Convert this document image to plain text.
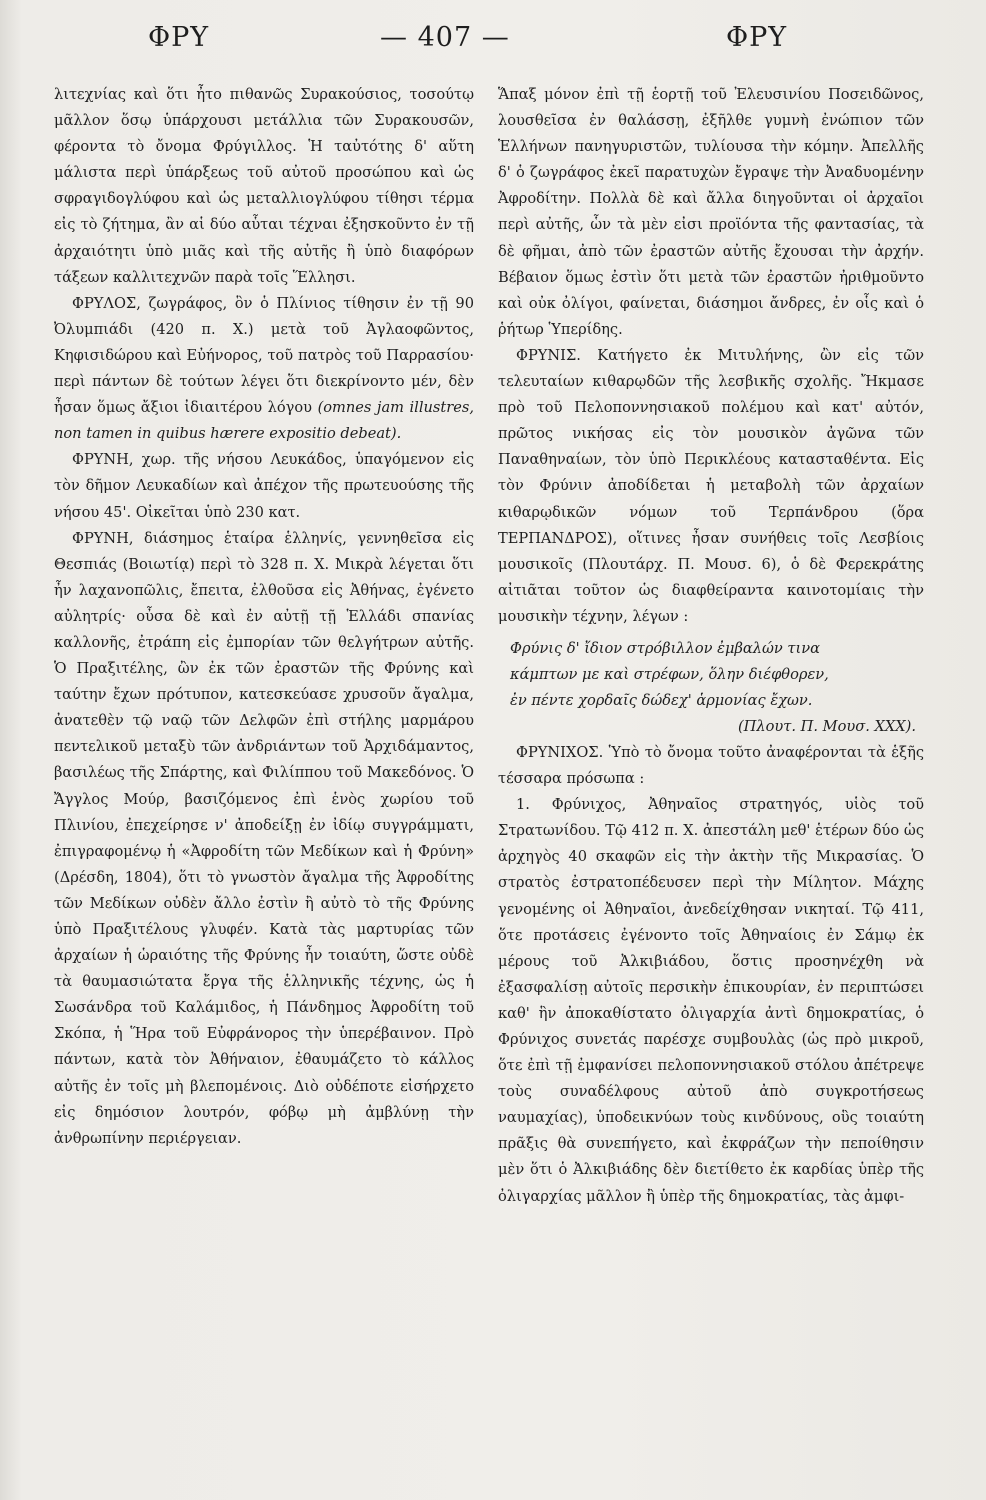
ΦΡΥ	— 407 —	ΦΡΥ

λιτεχνίας καὶ ὅτι ἦτο πιθανῶς Συρακούσιος, τοσούτῳ μᾶλλον ὅσῳ ὑπάρχουσι μετάλλια τῶν Συρακουσῶν, φέροντα τὸ ὄνομα Φρύγιλλος. Ἡ ταὐτότης δ' αὕτη μάλιστα περὶ ὑπάρξεως τοῦ αὐτοῦ προσώπου καὶ ὡς σφραγιδογλύφου καὶ ὡς μεταλλιογλύφου τίθησι τέρμα εἰς τὸ ζήτημα, ἂν αἱ δύο αὗται τέχναι ἐξησκοῦντο ἐν τῇ ἀρχαιότητι ὑπὸ μιᾶς καὶ τῆς αὐτῆς ἢ ὑπὸ διαφόρων τάξεων καλλιτεχνῶν παρὰ τοῖς Ἕλλησι.

ΦΡΥΛΟΣ, ζωγράφος, ὃν ὁ Πλίνιος τίθησιν ἐν τῇ 90 Ὀλυμπιάδι (420 π. Χ.) μετὰ τοῦ Ἀγλαοφῶντος, Κηφισιδώρου καὶ Εὐήνορος, τοῦ πατρὸς τοῦ Παρρασίου· περὶ πάντων δὲ τούτων λέγει ὅτι διεκρίνοντο μέν, δὲν ἦσαν ὅμως ἄξιοι ἰδιαιτέρου λόγου (omnes jam illustres, non tamen in quibus hærere expositio debeat).

ΦΡΥΝΗ, χωρ. τῆς νήσου Λευκάδος, ὑπαγόμενον εἰς τὸν δῆμον Λευκαδίων καὶ ἀπέχον τῆς πρωτευούσης τῆς νήσου 45'. Οἰκεῖται ὑπὸ 230 κατ.

ΦΡΥΝΗ, διάσημος ἑταίρα ἑλληνίς, γεννηθεῖσα εἰς Θεσπιάς (Βοιωτίᾳ) περὶ τὸ 328 π. Χ. Μικρὰ λέγεται ὅτι ἦν λαχανοπῶλις, ἔπειτα, ἐλθοῦσα εἰς Ἀθήνας, ἐγένετο αὐλητρίς· οὖσα δὲ καὶ ἐν αὐτῇ τῇ Ἑλλάδι σπανίας καλλονῆς, ἐτράπη εἰς ἐμπορίαν τῶν θελγήτρων αὐτῆς. Ὁ Πραξιτέλης, ὢν ἐκ τῶν ἐραστῶν τῆς Φρύνης καὶ ταύτην ἔχων πρότυπον, κατεσκεύασε χρυσοῦν ἄγαλμα, ἀνατεθὲν τῷ ναῷ τῶν Δελφῶν ἐπὶ στήλης μαρμάρου πεντελικοῦ μεταξὺ τῶν ἀνδριάντων τοῦ Ἀρχιδάμαντος, βασιλέως τῆς Σπάρτης, καὶ Φιλίππου τοῦ Μακεδόνος. Ὁ Ἄγγλος Μούρ, βασιζόμενος ἐπὶ ἑνὸς χωρίου τοῦ Πλινίου, ἐπεχείρησε ν' ἀποδείξῃ ἐν ἰδίῳ συγγράμματι, ἐπιγραφομένῳ ἡ «Ἀφροδίτη τῶν Μεδίκων καὶ ἡ Φρύνη» (Δρέσδη, 1804), ὅτι τὸ γνωστὸν ἄγαλμα τῆς Ἀφροδίτης τῶν Μεδίκων οὐδὲν ἄλλο ἐστὶν ἢ αὐτὸ τὸ τῆς Φρύνης ὑπὸ Πραξιτέλους γλυφέν. Κατὰ τὰς μαρτυρίας τῶν ἀρχαίων ἡ ὡραιότης τῆς Φρύνης ἦν τοιαύτη, ὥστε οὐδὲ τὰ θαυμασιώτατα ἔργα τῆς ἑλληνικῆς τέχνης, ὡς ἡ Σωσάνδρα τοῦ Καλάμιδος, ἡ Πάνδημος Ἀφροδίτη τοῦ Σκόπα, ἡ Ἥρα τοῦ Εὐφράνορος τὴν ὑπερέβαινον. Πρὸ πάντων, κατὰ τὸν Ἀθήναιον, ἐθαυμάζετο τὸ κάλλος αὐτῆς ἐν τοῖς μὴ βλεπομένοις. Διὸ οὐδέποτε εἰσήρχετο εἰς δημόσιον λουτρόν, φόβῳ μὴ ἀμβλύνῃ τὴν ἀνθρωπίνην περιέργειαν.

Ἅπαξ μόνον ἐπὶ τῇ ἑορτῇ τοῦ Ἐλευσινίου Ποσειδῶνος, λουσθεῖσα ἐν θαλάσσῃ, ἐξῆλθε γυμνὴ ἐνώπιον τῶν Ἑλλήνων πανηγυριστῶν, τυλίουσα τὴν κόμην. Ἀπελλῆς δ' ὁ ζωγράφος ἐκεῖ παρατυχὼν ἔγραψε τὴν Ἀναδυομένην Ἀφροδίτην. Πολλὰ δὲ καὶ ἄλλα διηγοῦνται οἱ ἀρχαῖοι περὶ αὐτῆς, ὧν τὰ μὲν εἰσι προϊόντα τῆς φαντασίας, τὰ δὲ φῆμαι, ἀπὸ τῶν ἐραστῶν αὐτῆς ἔχουσαι τὴν ἀρχήν. Βέβαιον ὅμως ἐστὶν ὅτι μετὰ τῶν ἐραστῶν ἠριθμοῦντο καὶ οὐκ ὀλίγοι, φαίνεται, διάσημοι ἄνδρες, ἐν οἷς καὶ ὁ ῥήτωρ Ὑπερίδης.

ΦΡΥΝΙΣ. Κατήγετο ἐκ Μιτυλήνης, ὢν εἰς τῶν τελευταίων κιθαρῳδῶν τῆς λεσβικῆς σχολῆς. Ἤκμασε πρὸ τοῦ Πελοποννησιακοῦ πολέμου καὶ κατ' αὐτόν, πρῶτος νικήσας εἰς τὸν μουσικὸν ἀγῶνα τῶν Παναθηναίων, τὸν ὑπὸ Περικλέους κατασταθέντα. Εἰς τὸν Φρύνιν ἀποδίδεται ἡ μεταβολὴ τῶν ἀρχαίων κιθαρῳδικῶν νόμων τοῦ Τερπάνδρου (ὅρα ΤΕΡΠΑΝΔΡΟΣ), οἵτινες ἦσαν συνήθεις τοῖς Λεσβίοις μουσικοῖς (Πλουτάρχ. Π. Μουσ. 6), ὁ δὲ Φερεκράτης αἰτιᾶται τοῦτον ὡς διαφθείραντα καινοτομίαις τὴν μουσικὴν τέχνην, λέγων :

Φρύνις δ' ἴδιον στρόβιλλον ἐμβαλών τινα
κάμπτων με καὶ στρέφων, ὅλην διέφθορεν,
ἐν πέντε χορδαῖς δώδεχ' ἁρμονίας ἔχων.
(Πλουτ. Π. Μουσ. XXX).

ΦΡΥΝΙΧΟΣ. Ὑπὸ τὸ ὄνομα τοῦτο ἀναφέρονται τὰ ἑξῆς τέσσαρα πρόσωπα :

1. Φρύνιχος, Ἀθηναῖος στρατηγός, υἱὸς τοῦ Στρατωνίδου. Τῷ 412 π. Χ. ἀπεστάλη μεθ' ἑτέρων δύο ὡς ἀρχηγὸς 40 σκαφῶν εἰς τὴν ἀκτὴν τῆς Μικρασίας. Ὁ στρατὸς ἐστρατοπέδευσεν περὶ τὴν Μίλητον. Μάχης γενομένης οἱ Ἀθηναῖοι, ἀνεδείχθησαν νικηταί. Τῷ 411, ὅτε προτάσεις ἐγένοντο τοῖς Ἀθηναίοις ἐν Σάμῳ ἐκ μέρους τοῦ Ἀλκιβιάδου, ὅστις προσηνέχθη νὰ ἐξασφαλίσῃ αὐτοῖς περσικὴν ἐπικουρίαν, ἐν περιπτώσει καθ' ἣν ἀποκαθίστατο ὀλιγαρχία ἀντὶ δημοκρατίας, ὁ Φρύνιχος συνετάς παρέσχε συμβουλὰς (ὡς πρὸ μικροῦ, ὅτε ἐπὶ τῇ ἐμφανίσει πελοποννησιακοῦ στόλου ἀπέτρεψε τοὺς συναδέλφους αὐτοῦ ἀπὸ συγκροτήσεως ναυμαχίας), ὑποδεικνύων τοὺς κινδύνους, οὓς τοιαύτη πρᾶξις θὰ συνεπήγετο, καὶ ἐκφράζων τὴν πεποίθησιν μὲν ὅτι ὁ Ἀλκιβιάδης δὲν διετίθετο ἐκ καρδίας ὑπὲρ τῆς ὀλιγαρχίας μᾶλλον ἢ ὑπὲρ τῆς δημοκρατίας, τὰς ἀμφι-
